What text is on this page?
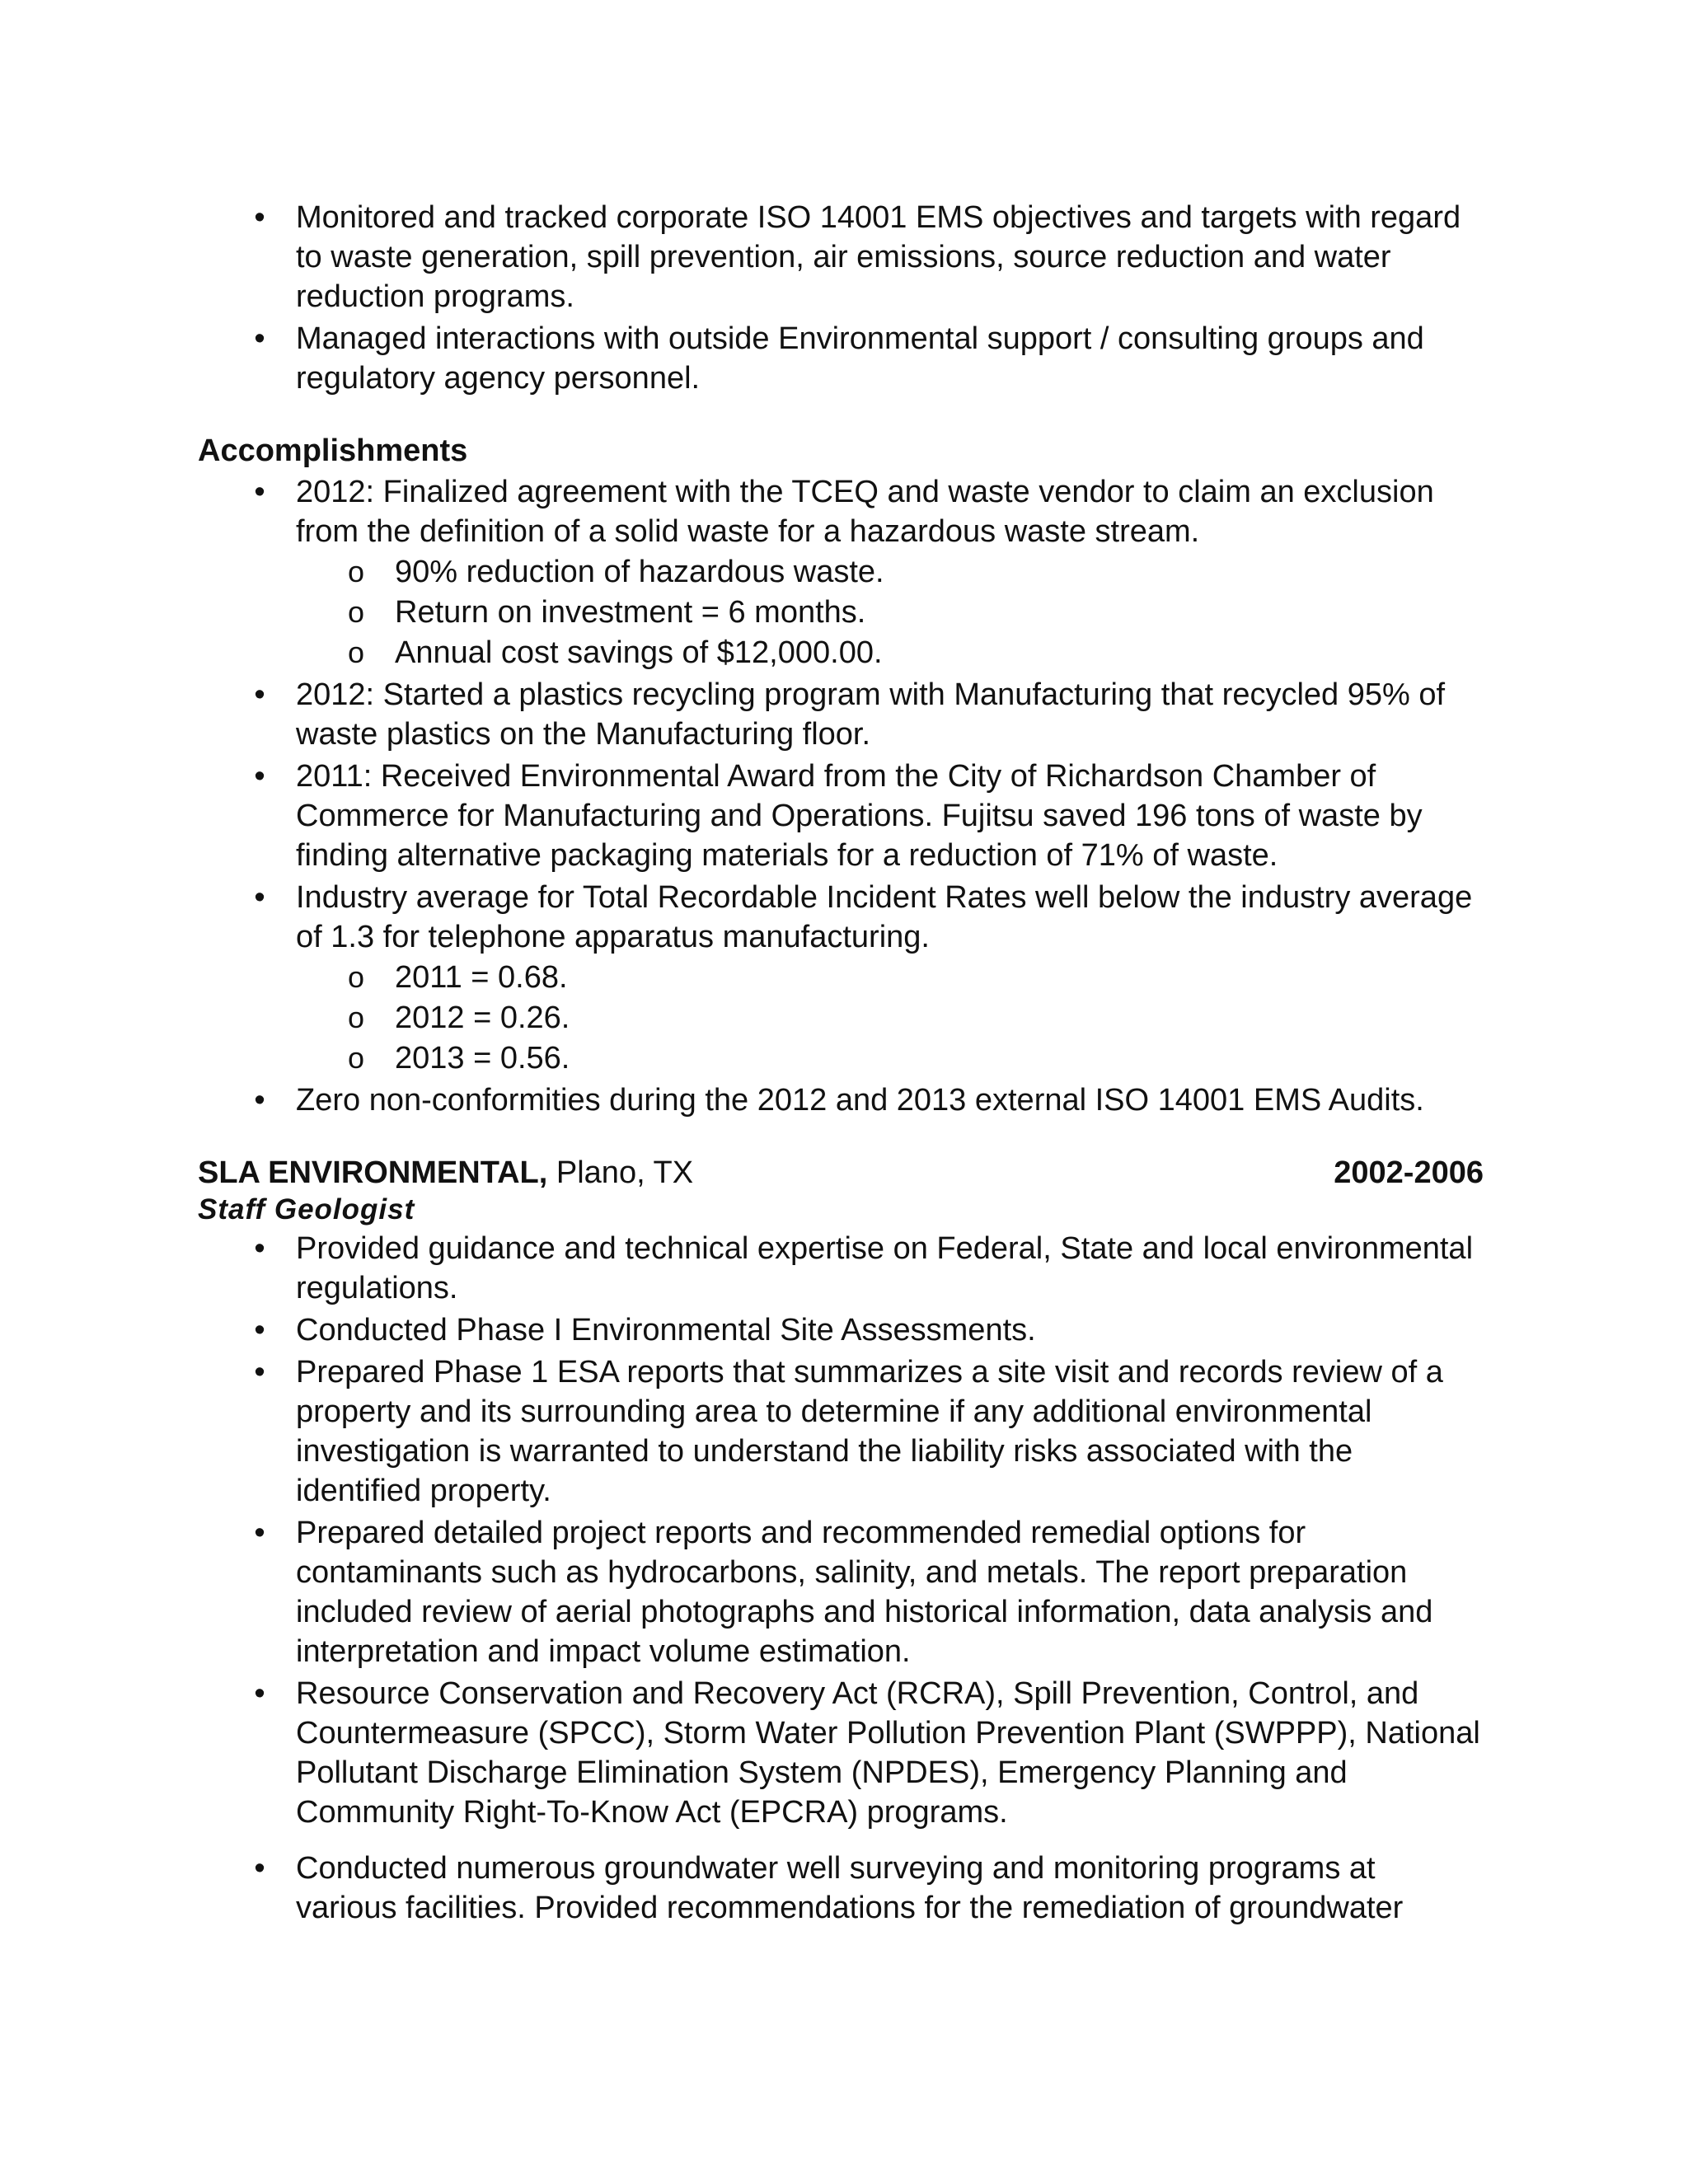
• Monitored and tracked corporate ISO 14001 EMS objectives and targets with regard to waste generation, spill prevention, air emissions, source reduction and water reduction programs.
• Managed interactions with outside Environmental support / consulting groups and regulatory agency personnel.
Accomplishments
• 2012: Finalized agreement with the TCEQ and waste vendor to claim an exclusion from the definition of a solid waste for a hazardous waste stream.
o 90% reduction of hazardous waste.
o Return on investment = 6 months.
o Annual cost savings of $12,000.00.
• 2012: Started a plastics recycling program with Manufacturing that recycled 95% of waste plastics on the Manufacturing floor.
• 2011: Received Environmental Award from the City of Richardson Chamber of Commerce for Manufacturing and Operations. Fujitsu saved 196 tons of waste by finding alternative packaging materials for a reduction of 71% of waste.
• Industry average for Total Recordable Incident Rates well below the industry average of 1.3 for telephone apparatus manufacturing.
o 2011 = 0.68.
o 2012 = 0.26.
o 2013 = 0.56.
• Zero non-conformities during the 2012 and 2013 external ISO 14001 EMS Audits.
SLA ENVIRONMENTAL, Plano, TX	2002-2006
Staff Geologist
• Provided guidance and technical expertise on Federal, State and local environmental regulations.
• Conducted Phase I Environmental Site Assessments.
• Prepared Phase 1 ESA reports that summarizes a site visit and records review of a property and its surrounding area to determine if any additional environmental investigation is warranted to understand the liability risks associated with the identified property.
• Prepared detailed project reports and recommended remedial options for contaminants such as hydrocarbons, salinity, and metals. The report preparation included review of aerial photographs and historical information, data analysis and interpretation and impact volume estimation.
• Resource Conservation and Recovery Act (RCRA), Spill Prevention, Control, and Countermeasure (SPCC), Storm Water Pollution Prevention Plant (SWPPP), National Pollutant Discharge Elimination System (NPDES), Emergency Planning and Community Right-To-Know Act (EPCRA) programs.
• Conducted numerous groundwater well surveying and monitoring programs at various facilities. Provided recommendations for the remediation of groundwater
